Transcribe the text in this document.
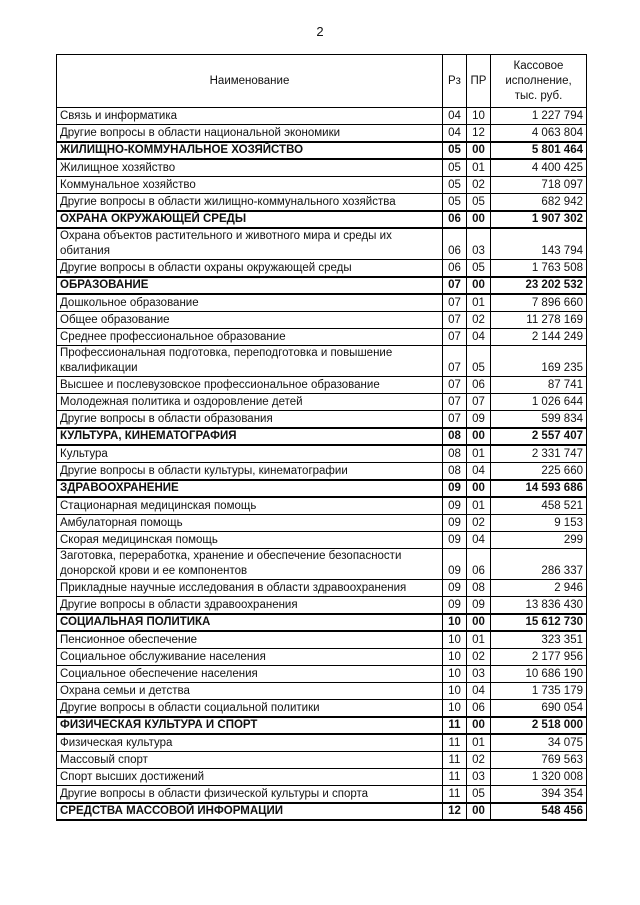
2
Наименование	Рз	ПР	Кассовое
исполнение,
тыс. руб.

Связь и информатика	04	10	1 227 794
Другие вопросы в области национальной экономики	04	12	4 063 804
ЖИЛИЩНО-КОММУНАЛЬНОЕ ХОЗЯЙСТВО	05	00	5 801 464
Жилищное хозяйство	05	01	4 400 425
Коммунальное хозяйство	05	02	718 097
Другие вопросы в области жилищно-коммунального хозяйства	05	05	682 942
ОХРАНА ОКРУЖАЮЩЕЙ СРЕДЫ	06	00	1 907 302
Охрана объектов растительного и животного мира и среды их обитания	06	03	143 794
Другие вопросы в области охраны окружающей среды	06	05	1 763 508
ОБРАЗОВАНИЕ	07	00	23 202 532
Дошкольное образование	07	01	7 896 660
Общее образование	07	02	11 278 169
Среднее профессиональное образование	07	04	2 144 249
Профессиональная подготовка, переподготовка и повышение квалификации	07	05	169 235
Высшее и послевузовское профессиональное образование	07	06	87 741
Молодежная политика и оздоровление детей	07	07	1 026 644
Другие вопросы в области образования	07	09	599 834
КУЛЬТУРА, КИНЕМАТОГРАФИЯ	08	00	2 557 407
Культура	08	01	2 331 747
Другие вопросы в области культуры, кинематографии	08	04	225 660
ЗДРАВООХРАНЕНИЕ	09	00	14 593 686
Стационарная медицинская помощь	09	01	458 521
Амбулаторная помощь	09	02	9 153
Скорая медицинская помощь	09	04	299
Заготовка, переработка, хранение и обеспечение безопасности донорской крови и ее компонентов	09	06	286 337
Прикладные научные исследования в области здравоохранения	09	08	2 946
Другие вопросы в области здравоохранения	09	09	13 836 430
СОЦИАЛЬНАЯ ПОЛИТИКА	10	00	15 612 730
Пенсионное обеспечение	10	01	323 351
Социальное обслуживание населения	10	02	2 177 956
Социальное обеспечение населения	10	03	10 686 190
Охрана семьи и детства	10	04	1 735 179
Другие вопросы в области социальной политики	10	06	690 054
ФИЗИЧЕСКАЯ КУЛЬТУРА И СПОРТ	11	00	2 518 000
Физическая культура	11	01	34 075
Массовый спорт	11	02	769 563
Спорт высших достижений	11	03	1 320 008
Другие вопросы в области физической культуры и спорта	11	05	394 354
СРЕДСТВА МАССОВОЙ ИНФОРМАЦИИ	12	00	548 456
